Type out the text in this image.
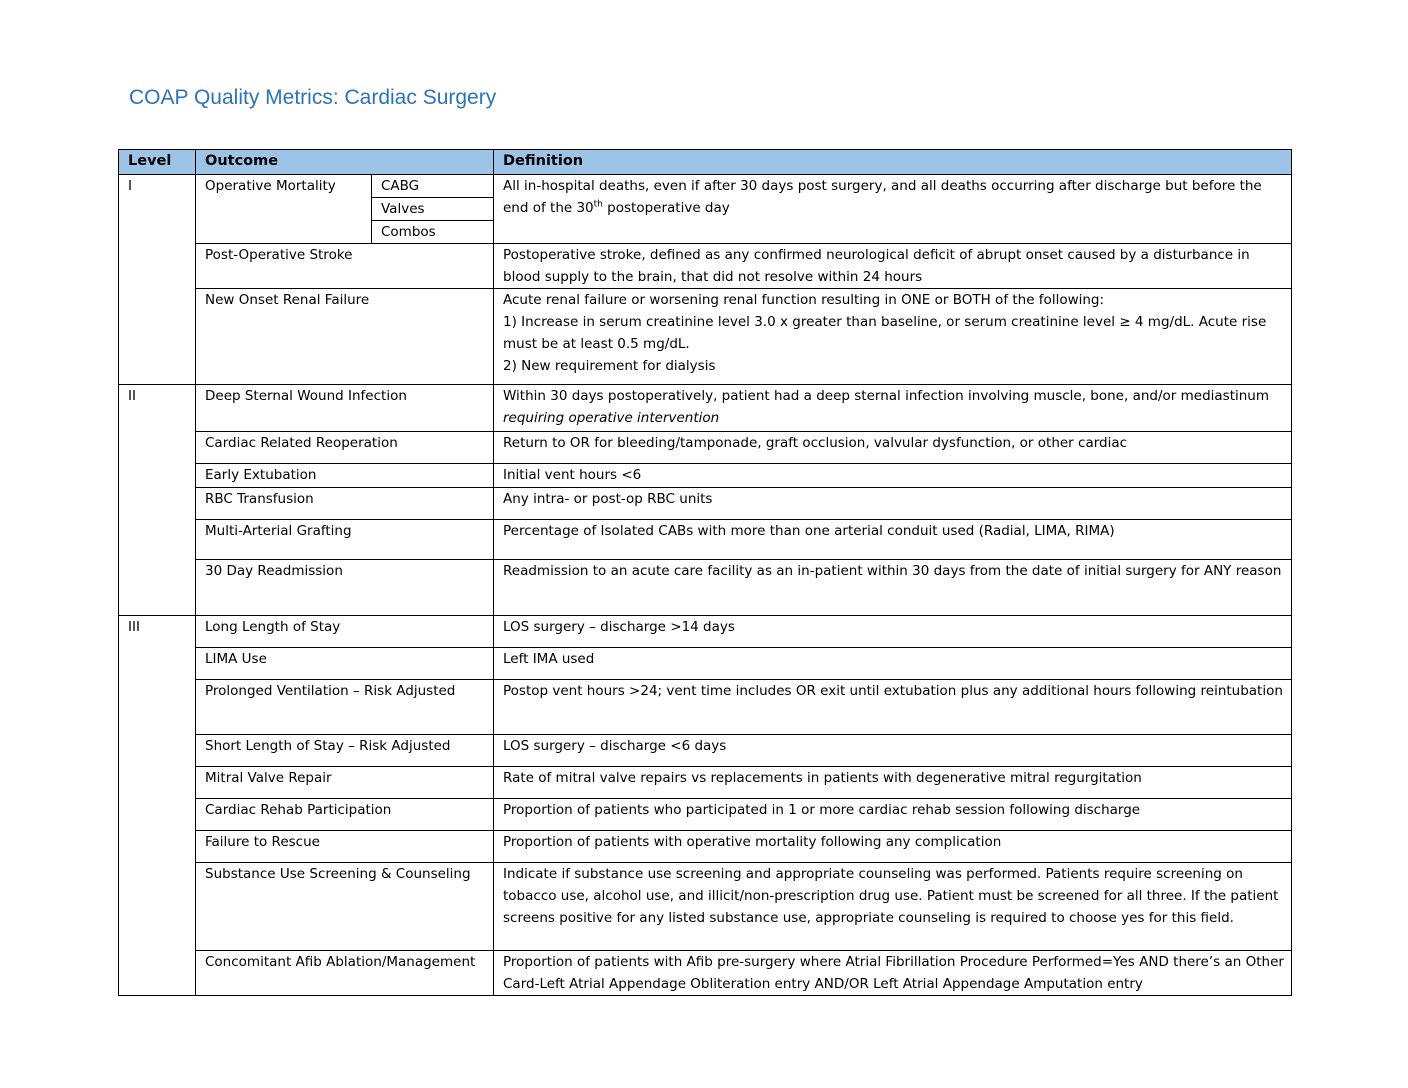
COAP Quality Metrics: Cardiac Surgery
Level	Outcome		Definition
I	Operative Mortality	CABG	All in-hospital deaths, even if after 30 days post surgery, and all deaths occurring after discharge but before the end of the 30th postoperative day
		Valves	
		Combos	
	Post-Operative Stroke		Postoperative stroke, defined as any confirmed neurological deficit of abrupt onset caused by a disturbance in blood supply to the brain, that did not resolve within 24 hours
	New Onset Renal Failure		Acute renal failure or worsening renal function resulting in ONE or BOTH of the following:
1) Increase in serum creatinine level 3.0 x greater than baseline, or serum creatinine level ≥ 4 mg/dL. Acute rise must be at least 0.5 mg/dL.
2) New requirement for dialysis

II	Deep Sternal Wound Infection		Within 30 days postoperatively, patient had a deep sternal infection involving muscle, bone, and/or mediastinum requiring operative intervention
	Cardiac Related Reoperation		Return to OR for bleeding/tamponade, graft occlusion, valvular dysfunction, or other cardiac
	Early Extubation		Initial vent hours <6
	RBC Transfusion		Any intra- or post-op RBC units
	Multi-Arterial Grafting		Percentage of Isolated CABs with more than one arterial conduit used (Radial, LIMA, RIMA)
	30 Day Readmission		Readmission to an acute care facility as an in-patient within 30 days from the date of initial surgery for ANY reason
III	Long Length of Stay		LOS surgery – discharge >14 days
	LIMA Use		Left IMA used
	Prolonged Ventilation – Risk Adjusted		Postop vent hours >24; vent time includes OR exit until extubation plus any additional hours following reintubation
	Short Length of Stay – Risk Adjusted		LOS surgery – discharge <6 days
	Mitral Valve Repair		Rate of mitral valve repairs vs replacements in patients with degenerative mitral regurgitation
	Cardiac Rehab Participation		Proportion of patients who participated in 1 or more cardiac rehab session following discharge
	Failure to Rescue		Proportion of patients with operative mortality following any complication
	Substance Use Screening & Counseling		Indicate if substance use screening and appropriate counseling was performed. Patients require screening on tobacco use, alcohol use, and illicit/non-prescription drug use. Patient must be screened for all three. If the patient screens positive for any listed substance use, appropriate counseling is required to choose yes for this field.
	Concomitant Afib Ablation/Management		Proportion of patients with Afib pre-surgery where Atrial Fibrillation Procedure Performed=Yes AND there’s an Other Card-Left Atrial Appendage Obliteration entry AND/OR Left Atrial Appendage Amputation entry
